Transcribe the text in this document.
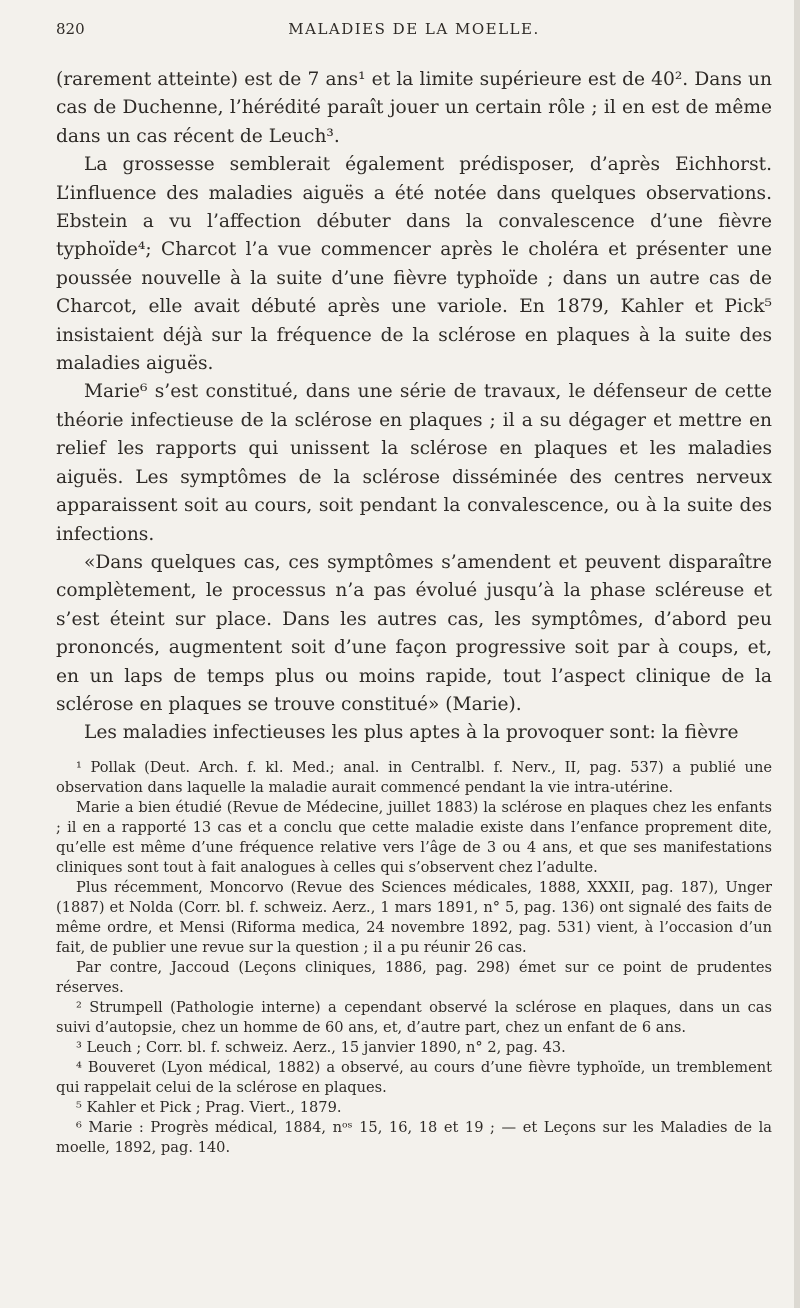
820	MALADIES DE LA MOELLE.

(rarement atteinte) est de 7 ans¹ et la limite supérieure est de 40². Dans un cas de Duchenne, l’hérédité paraît jouer un certain rôle ; il en est de même dans un cas récent de Leuch³.

La grossesse semblerait également prédisposer, d’après Eichhorst. L’influence des maladies aiguës a été notée dans quelques observations. Ebstein a vu l’affection débuter dans la convalescence d’une fièvre typhoïde⁴; Charcot l’a vue commencer après le choléra et présenter une poussée nouvelle à la suite d’une fièvre typhoïde ; dans un autre cas de Charcot, elle avait débuté après une variole. En 1879, Kahler et Pick⁵ insistaient déjà sur la fréquence de la sclérose en plaques à la suite des maladies aiguës.

Marie⁶ s’est constitué, dans une série de travaux, le défenseur de cette théorie infectieuse de la sclérose en plaques ; il a su dégager et mettre en relief les rapports qui unissent la sclérose en plaques et les maladies aiguës. Les symptômes de la sclérose disséminée des centres nerveux apparaissent soit au cours, soit pendant la convalescence, ou à la suite des infections.

«Dans quelques cas, ces symptômes s’amendent et peuvent disparaître complètement, le processus n’a pas évolué jusqu’à la phase scléreuse et s’est éteint sur place. Dans les autres cas, les symptômes, d’abord peu prononcés, augmentent soit d’une façon progressive soit par à coups, et, en un laps de temps plus ou moins rapide, tout l’aspect clinique de la sclérose en plaques se trouve constitué» (Marie).

Les maladies infectieuses les plus aptes à la provoquer sont: la fièvre

¹ Pollak (Deut. Arch. f. kl. Med.; anal. in Centralbl. f. Nerv., II, pag. 537) a publié une observation dans laquelle la maladie aurait commencé pendant la vie intra-utérine.

Marie a bien étudié (Revue de Médecine, juillet 1883) la sclérose en plaques chez les enfants ; il en a rapporté 13 cas et a conclu que cette maladie existe dans l’enfance proprement dite, qu’elle est même d’une fréquence relative vers l’âge de 3 ou 4 ans, et que ses manifestations cliniques sont tout à fait analogues à celles qui s’observent chez l’adulte.

Plus récemment, Moncorvo (Revue des Sciences médicales, 1888, XXXII, pag. 187), Unger (1887) et Nolda (Corr. bl. f. schweiz. Aerz., 1 mars 1891, n° 5, pag. 136) ont signalé des faits de même ordre, et Mensi (Riforma medica, 24 novembre 1892, pag. 531) vient, à l’occasion d’un fait, de publier une revue sur la question ; il a pu réunir 26 cas.

Par contre, Jaccoud (Leçons cliniques, 1886, pag. 298) émet sur ce point de prudentes réserves.

² Strumpell (Pathologie interne) a cependant observé la sclérose en plaques, dans un cas suivi d’autopsie, chez un homme de 60 ans, et, d’autre part, chez un enfant de 6 ans.

³ Leuch ; Corr. bl. f. schweiz. Aerz., 15 janvier 1890, n° 2, pag. 43.

⁴ Bouveret (Lyon médical, 1882) a observé, au cours d’une fièvre typhoïde, un tremblement qui rappelait celui de la sclérose en plaques.

⁵ Kahler et Pick ; Prag. Viert., 1879.

⁶ Marie : Progrès médical, 1884, nᵒˢ 15, 16, 18 et 19 ; — et Leçons sur les Maladies de la moelle, 1892, pag. 140.
